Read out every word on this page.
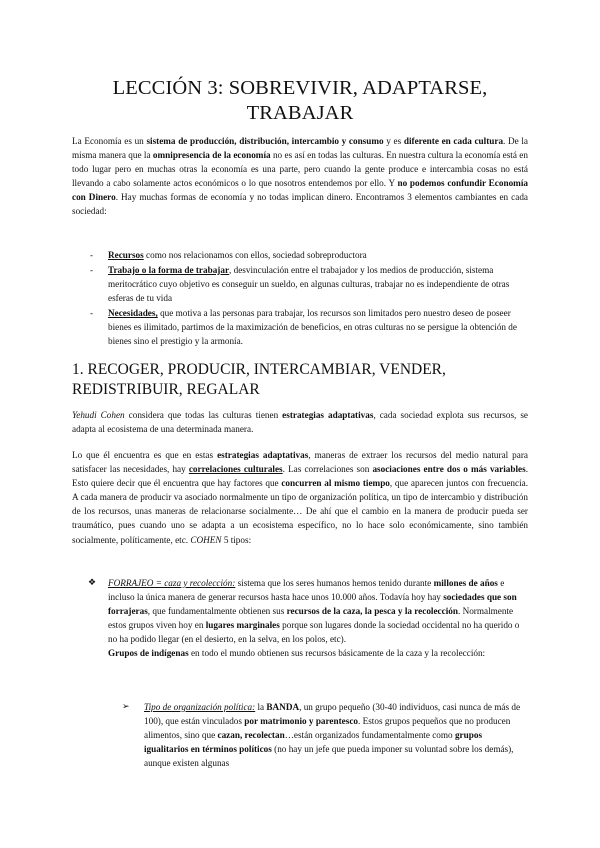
LECCIÓN 3: SOBREVIVIR, ADAPTARSE,
TRABAJAR

La Economía es un sistema de producción, distribución, intercambio y consumo y es diferente en cada cultura. De la misma manera que la omnipresencia de la economía no es así en todas las culturas. En nuestra cultura la economía está en todo lugar pero en muchas otras la economía es una parte, pero cuando la gente produce e intercambia cosas no está llevando a cabo solamente actos económicos o lo que nosotros entendemos por ello. Y no podemos confundir Economía con Dinero. Hay muchas formas de economía y no todas implican dinero. Encontramos 3 elementos cambiantes en cada sociedad:

- Recursos como nos relacionamos con ellos, sociedad sobreproductora

- Trabajo o la forma de trabajar, desvinculación entre el trabajador y los medios de producción, sistema meritocrático cuyo objetivo es conseguir un sueldo, en algunas culturas, trabajar no es independiente de otras esferas de tu vida

- Necesidades, que motiva a las personas para trabajar, los recursos son limitados pero nuestro deseo de poseer bienes es ilimitado, partimos de la maximización de beneficios, en otras culturas no se persigue la obtención de bienes sino el prestigio y la armonía.

1. RECOGER, PRODUCIR, INTERCAMBIAR, VENDER,
REDISTRIBUIR, REGALAR

Yehudi Cohen considera que todas las culturas tienen estrategias adaptativas, cada sociedad explota sus recursos, se adapta al ecosistema de una determinada manera.

Lo que él encuentra es que en estas estrategias adaptativas, maneras de extraer los recursos del medio natural para satisfacer las necesidades, hay correlaciones culturales. Las correlaciones son asociaciones entre dos o más variables. Esto quiere decir que él encuentra que hay factores que concurren al mismo tiempo, que aparecen juntos con frecuencia. A cada manera de producir va asociado normalmente un tipo de organización política, un tipo de intercambio y distribución de los recursos, unas maneras de relacionarse socialmente… De ahí que el cambio en la manera de producir pueda ser traumático, pues cuando uno se adapta a un ecosistema específico, no lo hace solo económicamente, sino también socialmente, políticamente, etc. COHEN 5 tipos:

❖ FORRAJEO = caza y recolección: sistema que los seres humanos hemos tenido durante millones de años e incluso la única manera de generar recursos hasta hace unos 10.000 años. Todavía hoy hay sociedades que son forrajeras, que fundamentalmente obtienen sus recursos de la caza, la pesca y la recolección. Normalmente estos grupos viven hoy en lugares marginales porque son lugares donde la sociedad occidental no ha querido o no ha podido llegar (en el desierto, en la selva, en los polos, etc).
Grupos de indígenas en todo el mundo obtienen sus recursos básicamente de la caza y la recolección:

➢ Tipo de organización política: la BANDA, un grupo pequeño (30-40 individuos, casi nunca de más de 100), que están vinculados por matrimonio y parentesco. Estos grupos pequeños que no producen alimentos, sino que cazan, recolectan…están organizados fundamentalmente como grupos igualitarios en términos políticos (no hay un jefe que pueda imponer su voluntad sobre los demás), aunque existen algunas
